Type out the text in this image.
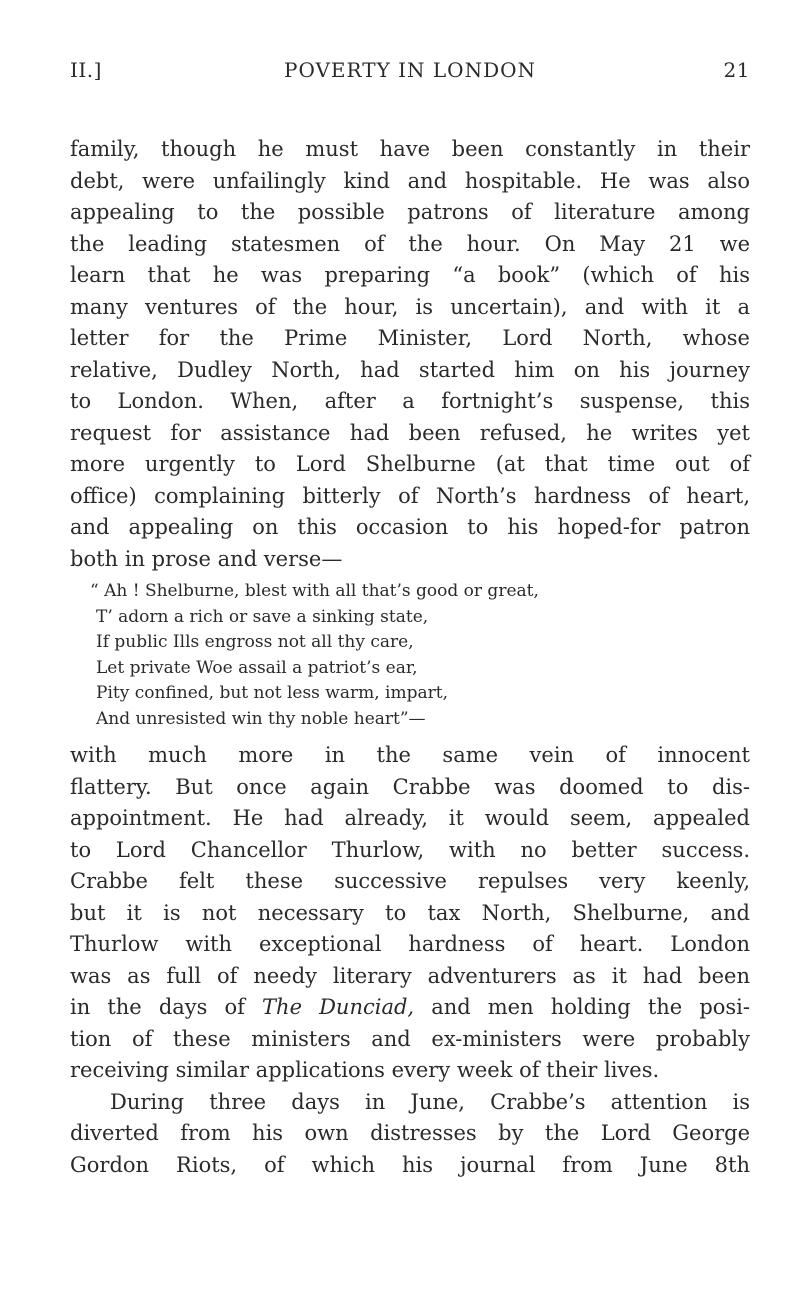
II.]	POVERTY IN LONDON	21
family, though he must have been constantly in their
debt, were unfailingly kind and hospitable. He was also
appealing to the possible patrons of literature among
the leading statesmen of the hour. On May 21 we
learn that he was preparing “a book” (which of his
many ventures of the hour, is uncertain), and with it a
letter for the Prime Minister, Lord North, whose
relative, Dudley North, had started him on his journey
to London. When, after a fortnight’s suspense, this
request for assistance had been refused, he writes yet
more urgently to Lord Shelburne (at that time out of
office) complaining bitterly of North’s hardness of heart,
and appealing on this occasion to his hoped-for patron
both in prose and verse—
“ Ah ! Shelburne, blest with all that’s good or great,
T’ adorn a rich or save a sinking state,
If public Ills engross not all thy care,
Let private Woe assail a patriot’s ear,
Pity confined, but not less warm, impart,
And unresisted win thy noble heart”—
with much more in the same vein of innocent
flattery. But once again Crabbe was doomed to dis-
appointment. He had already, it would seem, appealed
to Lord Chancellor Thurlow, with no better success.
Crabbe felt these successive repulses very keenly,
but it is not necessary to tax North, Shelburne, and
Thurlow with exceptional hardness of heart. London
was as full of needy literary adventurers as it had been
in the days of The Dunciad, and men holding the posi-
tion of these ministers and ex-ministers were probably
receiving similar applications every week of their lives.
During three days in June, Crabbe’s attention is
diverted from his own distresses by the Lord George
Gordon Riots, of which his journal from June 8th
